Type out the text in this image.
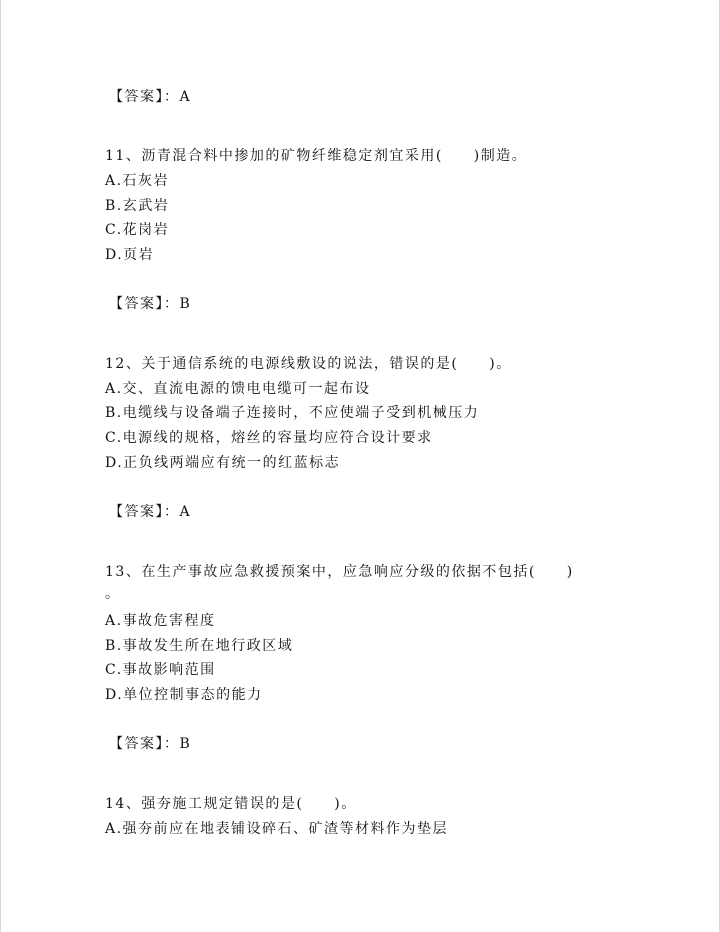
【答案】：A
11、沥青混合料中掺加的矿物纤维稳定剂宜采用(　　)制造。
A.石灰岩
B.玄武岩
C.花岗岩
D.页岩
【答案】：B
12、关于通信系统的电源线敷设的说法，错误的是(　　)。
A.交、直流电源的馈电电缆可一起布设
B.电缆线与设备端子连接时，不应使端子受到机械压力
C.电源线的规格，熔丝的容量均应符合设计要求
D.正负线两端应有统一的红蓝标志
【答案】：A
13、在生产事故应急救援预案中，应急响应分级的依据不包括(　　)
。
A.事故危害程度
B.事故发生所在地行政区域
C.事故影响范围
D.单位控制事态的能力
【答案】：B
14、强夯施工规定错误的是(　　)。
A.强夯前应在地表铺设碎石、矿渣等材料作为垫层
